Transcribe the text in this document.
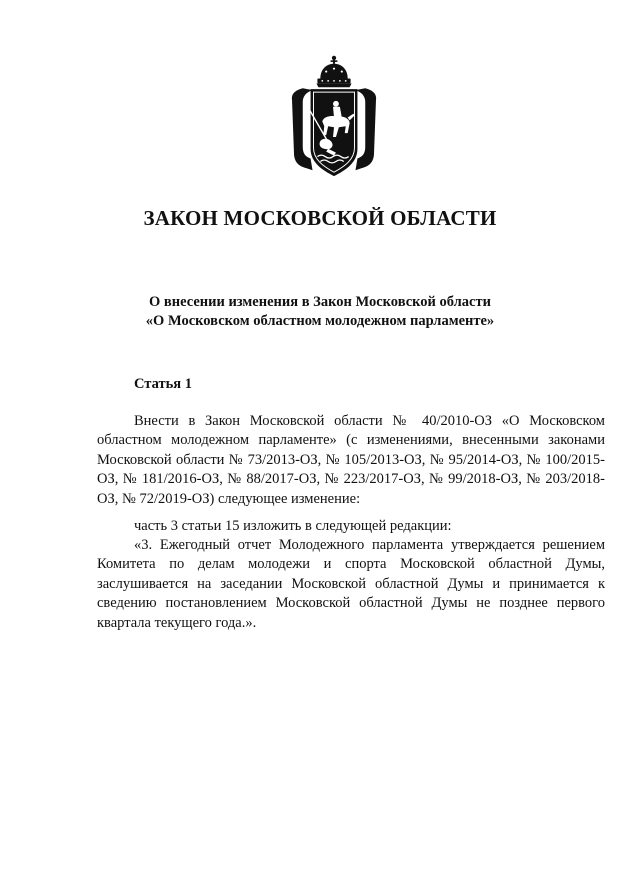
ЗАКОН МОСКОВСКОЙ ОБЛАСТИ
О внесении изменения в Закон Московской области
«О Московском областном молодежном парламенте»
Статья 1

Внести в Закон Московской области № 40/2010-ОЗ «О Московском областном молодежном парламенте» (с изменениями, внесенными законами Московской области № 73/2013-ОЗ, № 105/2013-ОЗ, № 95/2014-ОЗ, № 100/2015-ОЗ, № 181/2016-ОЗ, № 88/2017-ОЗ, № 223/2017-ОЗ, № 99/2018-ОЗ, № 203/2018-ОЗ, № 72/2019-ОЗ) следующее изменение:

часть 3 статьи 15 изложить в следующей редакции:

«3. Ежегодный отчет Молодежного парламента утверждается решением Комитета по делам молодежи и спорта Московской областной Думы, заслушивается на заседании Московской областной Думы и принимается к сведению постановлением Московской областной Думы не позднее первого квартала текущего года.».
